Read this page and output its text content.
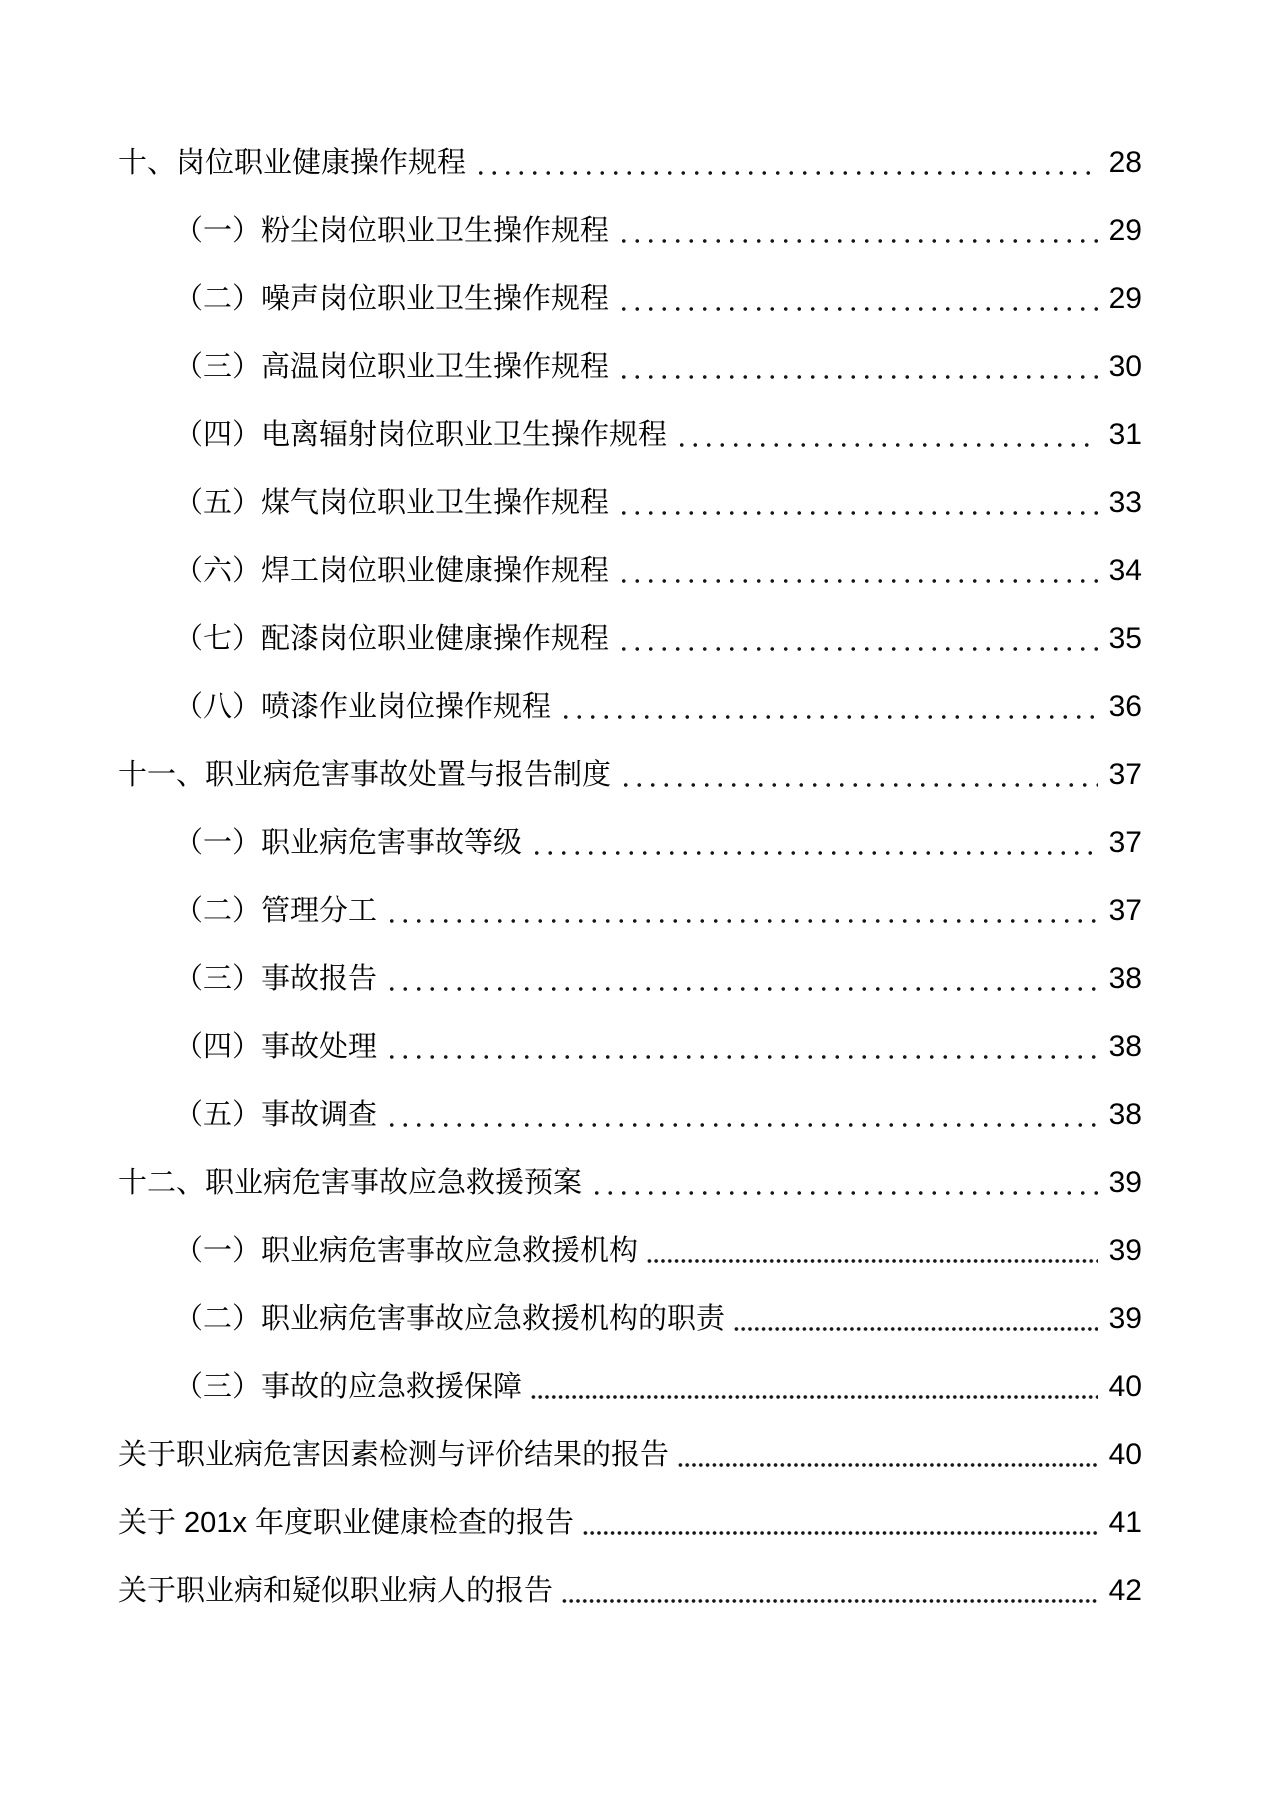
十、岗位职业健康操作规程	28
（一）粉尘岗位职业卫生操作规程	29
（二）噪声岗位职业卫生操作规程	29
（三）高温岗位职业卫生操作规程	30
（四）电离辐射岗位职业卫生操作规程	31
（五）煤气岗位职业卫生操作规程	33
（六）焊工岗位职业健康操作规程	34
（七）配漆岗位职业健康操作规程	35
（八）喷漆作业岗位操作规程	36
十一、职业病危害事故处置与报告制度	37
（一）职业病危害事故等级	37
（二）管理分工	37
（三）事故报告	38
（四）事故处理	38
（五）事故调查	38
十二、职业病危害事故应急救援预案	39
（一）职业病危害事故应急救援机构	39
（二）职业病危害事故应急救援机构的职责	39
（三）事故的应急救援保障	40
关于职业病危害因素检测与评价结果的报告	40
关于 201x 年度职业健康检查的报告	41
关于职业病和疑似职业病人的报告	42
